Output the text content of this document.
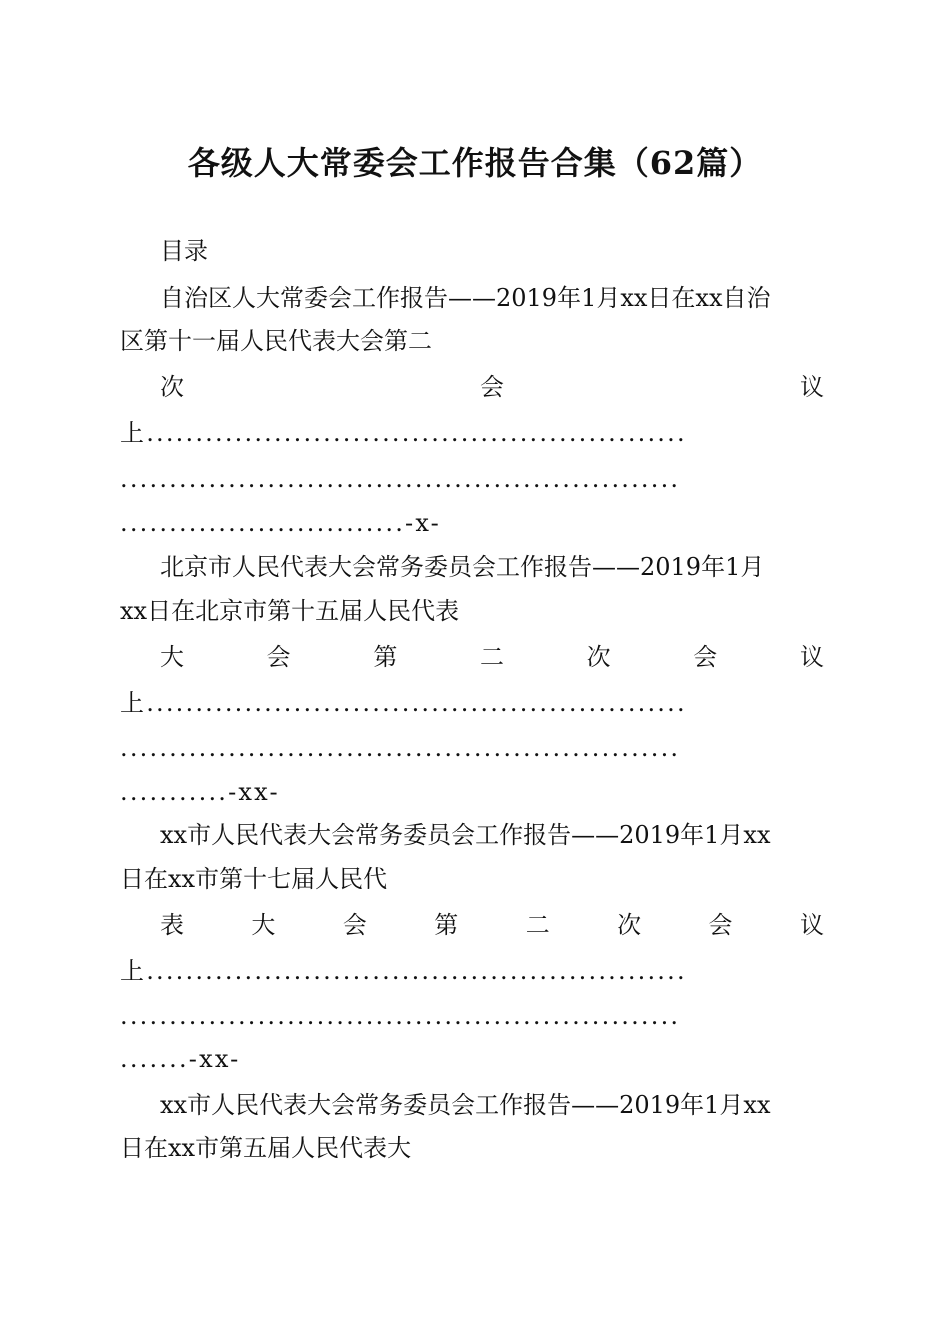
各级人大常委会工作报告合集（62篇）

目录

自治区人大常委会工作报告——2019年1月xx日在xx自治

区第十一届人民代表大会第二

次	会	议

上.......................................................

.........................................................

.............................-x-

北京市人民代表大会常务委员会工作报告——2019年1月

xx日在北京市第十五届人民代表

大	会	第	二	次	会	议

上.......................................................

.........................................................

...........-xx-

xx市人民代表大会常务委员会工作报告——2019年1月xx

日在xx市第十七届人民代

表	大	会	第	二	次	会	议

上.......................................................

.........................................................

.......-xx-

xx市人民代表大会常务委员会工作报告——2019年1月xx

日在xx市第五届人民代表大
